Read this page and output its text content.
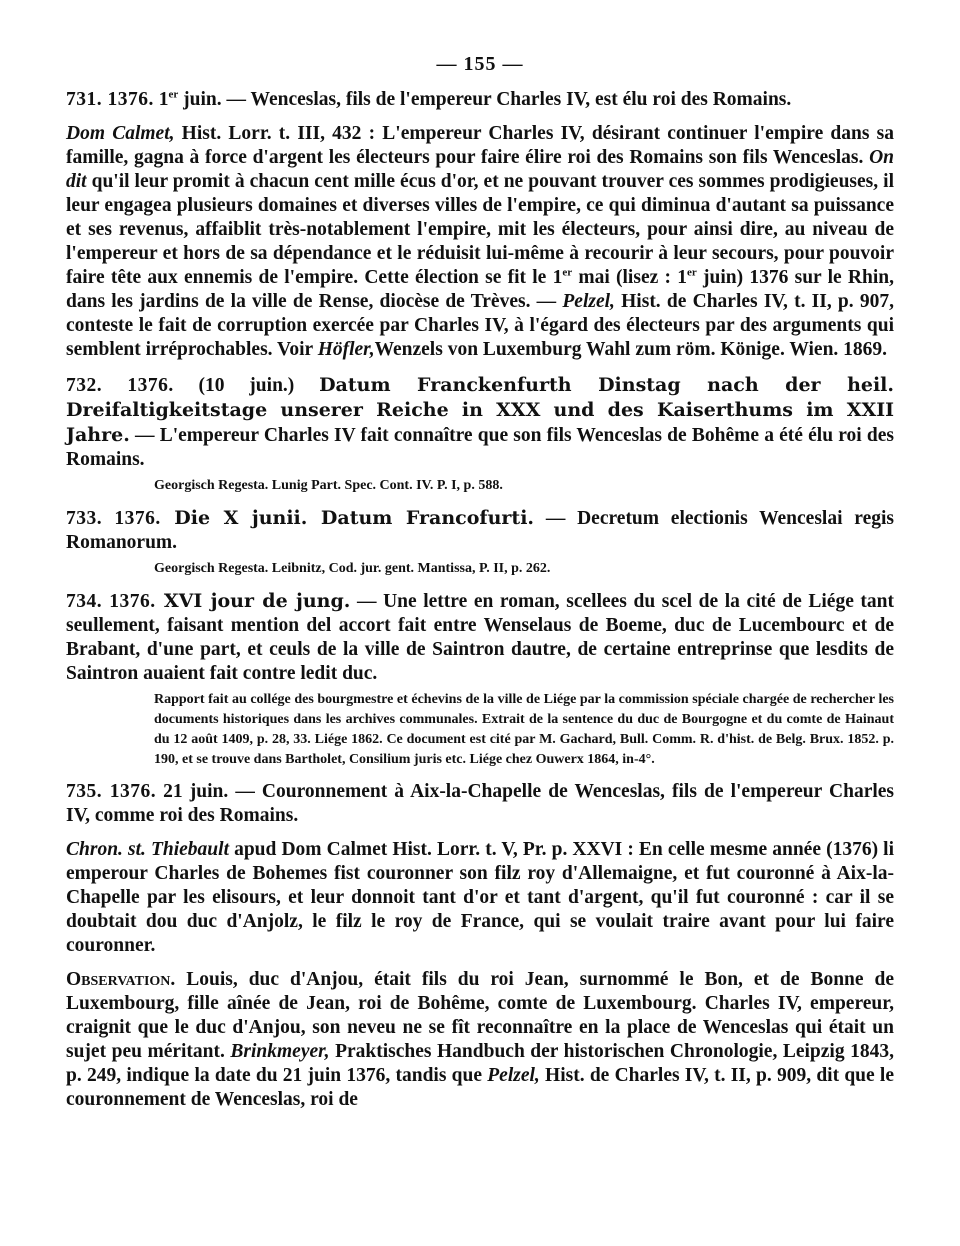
— 155 —

731. 1376. 1er juin. — Wenceslas, fils de l'empereur Charles IV, est élu roi des Romains.

Dom Calmet, Hist. Lorr. t. III, 432 : L'empereur Charles IV, désirant continuer l'empire dans sa famille, gagna à force d'argent les électeurs pour faire élire roi des Romains son fils Wenceslas. On dit qu'il leur promit à chacun cent mille écus d'or, et ne pouvant trouver ces sommes prodigieuses, il leur engagea plusieurs domaines et diverses villes de l'empire, ce qui diminua d'autant sa puissance et ses revenus, affaiblit très-notablement l'empire, mit les électeurs, pour ainsi dire, au niveau de l'empereur et hors de sa dépendance et le réduisit lui-même à recourir à leur secours, pour pouvoir faire tête aux ennemis de l'empire. Cette élection se fit le 1er mai (lisez : 1er juin) 1376 sur le Rhin, dans les jardins de la ville de Rense, diocèse de Trèves. — Pelzel, Hist. de Charles IV, t. II, p. 907, conteste le fait de corruption exercée par Charles IV, à l'égard des électeurs par des arguments qui semblent irréprochables. Voir Höfler,Wenzels von Luxemburg Wahl zum röm. Könige. Wien. 1869.

732. 1376. (10 juin.) Datum Franckenfurth Dinstag nach der heil. Dreifaltigkeitstage unserer Reiche in XXX und des Kaiserthums im XXII Jahre. — L'empereur Charles IV fait connaître que son fils Wenceslas de Bohême a été élu roi des Romains.

Georgisch Regesta. Lunig Part. Spec. Cont. IV. P. I, p. 588.

733. 1376. Die X junii. Datum Francofurti. — Decretum electionis Wenceslai regis Romanorum.

Georgisch Regesta. Leibnitz, Cod. jur. gent. Mantissa, P. II, p. 262.

734. 1376. XVI jour de jung. — Une lettre en roman, scellees du scel de la cité de Liége tant seullement, faisant mention del accort fait entre Wenselaus de Boeme, duc de Lucembourc et de Brabant, d'une part, et ceuls de la ville de Saintron dautre, de certaine entreprinse que lesdits de Saintron auaient fait contre ledit duc.

Rapport fait au collége des bourgmestre et échevins de la ville de Liége par la commission spéciale chargée de rechercher les documents historiques dans les archives communales. Extrait de la sentence du duc de Bourgogne et du comte de Hainaut du 12 août 1409, p. 28, 33. Liége 1862. Ce document est cité par M. Gachard, Bull. Comm. R. d'hist. de Belg. Brux. 1852. p. 190, et se trouve dans Bartholet, Consilium juris etc. Liége chez Ouwerx 1864, in-4°.

735. 1376. 21 juin. — Couronnement à Aix-la-Chapelle de Wenceslas, fils de l'empereur Charles IV, comme roi des Romains.

Chron. st. Thiebault apud Dom Calmet Hist. Lorr. t. V, Pr. p. XXVI : En celle mesme année (1376) li emperour Charles de Bohemes fist couronner son filz roy d'Allemaigne, et fut couronné à Aix-la-Chapelle par les elisours, et leur donnoit tant d'or et tant d'argent, qu'il fut couronné : car il se doubtait dou duc d'Anjolz, le filz le roy de France, qui se voulait traire avant pour lui faire couronner.

Observation. Louis, duc d'Anjou, était fils du roi Jean, surnommé le Bon, et de Bonne de Luxembourg, fille aînée de Jean, roi de Bohême, comte de Luxembourg. Charles IV, empereur, craignit que le duc d'Anjou, son neveu ne se fît reconnaître en la place de Wenceslas qui était un sujet peu méritant. Brinkmeyer, Praktisches Handbuch der historischen Chronologie, Leipzig 1843, p. 249, indique la date du 21 juin 1376, tandis que Pelzel, Hist. de Charles IV, t. II, p. 909, dit que le couronnement de Wenceslas, roi de
